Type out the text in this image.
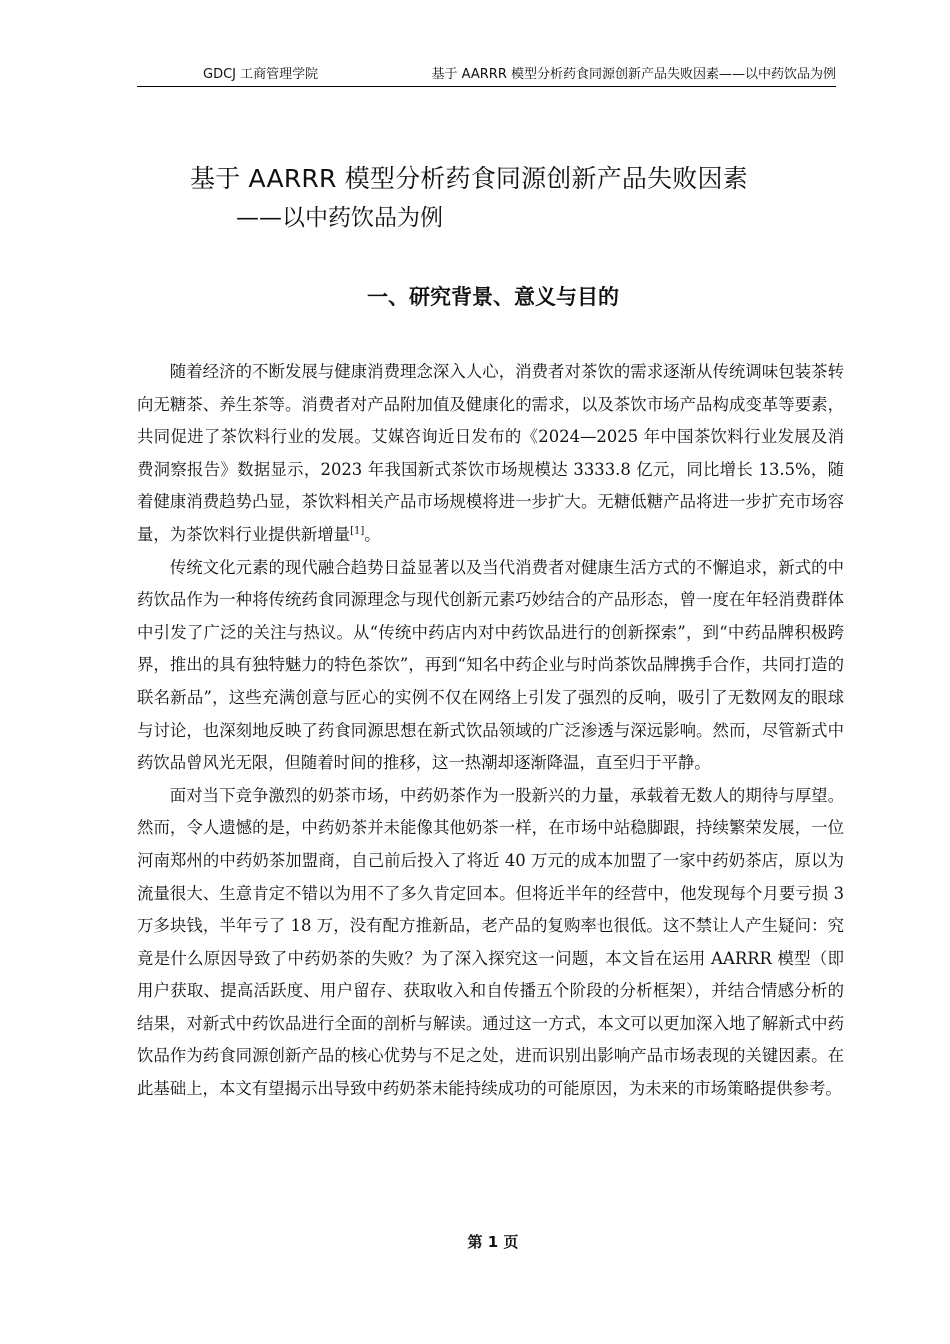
GDCJ 工商管理学院	基于 AARRR 模型分析药食同源创新产品失败因素——以中药饮品为例
基于 AARRR 模型分析药食同源创新产品失败因素
——以中药饮品为例
一、研究背景、意义与目的

随着经济的不断发展与健康消费理念深入人心，消费者对茶饮的需求逐渐从传统调味包装茶转向无糖茶、养生茶等。消费者对产品附加值及健康化的需求，以及茶饮市场产品构成变革等要素，共同促进了茶饮料行业的发展。艾媒咨询近日发布的《2024—2025 年中国茶饮料行业发展及消费洞察报告》数据显示，2023 年我国新式茶饮市场规模达 3333.8 亿元，同比增长 13.5%，随着健康消费趋势凸显，茶饮料相关产品市场规模将进一步扩大。无糖低糖产品将进一步扩充市场容量，为茶饮料行业提供新增量[1]。

传统文化元素的现代融合趋势日益显著以及当代消费者对健康生活方式的不懈追求，新式的中药饮品作为一种将传统药食同源理念与现代创新元素巧妙结合的产品形态，曾一度在年轻消费群体中引发了广泛的关注与热议。从“传统中药店内对中药饮品进行的创新探索”，到“中药品牌积极跨界，推出的具有独特魅力的特色茶饮”，再到“知名中药企业与时尚茶饮品牌携手合作，共同打造的联名新品”，这些充满创意与匠心的实例不仅在网络上引发了强烈的反响，吸引了无数网友的眼球与讨论，也深刻地反映了药食同源思想在新式饮品领域的广泛渗透与深远影响。然而，尽管新式中药饮品曾风光无限，但随着时间的推移，这一热潮却逐渐降温，直至归于平静。

面对当下竞争激烈的奶茶市场，中药奶茶作为一股新兴的力量，承载着无数人的期待与厚望。然而，令人遗憾的是，中药奶茶并未能像其他奶茶一样，在市场中站稳脚跟，持续繁荣发展，一位河南郑州的中药奶茶加盟商，自己前后投入了将近 40 万元的成本加盟了一家中药奶茶店，原以为流量很大、生意肯定不错以为用不了多久肯定回本。但将近半年的经营中，他发现每个月要亏损 3 万多块钱，半年亏了 18 万，没有配方推新品，老产品的复购率也很低。这不禁让人产生疑问：究竟是什么原因导致了中药奶茶的失败？为了深入探究这一问题，本文旨在运用 AARRR 模型（即用户获取、提高活跃度、用户留存、获取收入和自传播五个阶段的分析框架），并结合情感分析的结果，对新式中药饮品进行全面的剖析与解读。通过这一方式，本文可以更加深入地了解新式中药饮品作为药食同源创新产品的核心优势与不足之处，进而识别出影响产品市场表现的关键因素。在此基础上，本文有望揭示出导致中药奶茶未能持续成功的可能原因，为未来的市场策略提供参考。

第 1 页
